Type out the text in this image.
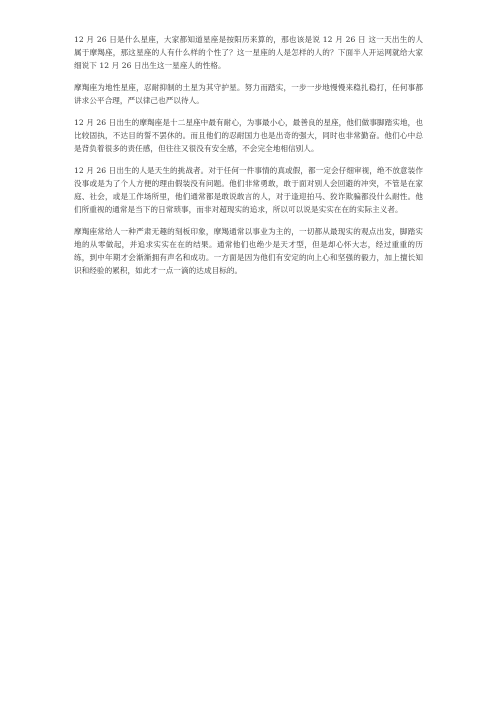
12 月 26 日是什么星座，大家都知道星座是按阳历来算的，那也该是说 12 月 26 日 这一天出生的人属于摩羯座，那这星座的人有什么样的个性了？这一星座的人是怎样的人的？下面半人开运网就给大家细说下 12 月 26 日出生这一星座人的性格。

摩羯座为地性星座，忍耐抑制的土星为其守护星。努力而踏实，一步一步地慢慢来稳扎稳打，任何事都讲求公平合理，严以律己也严以待人。

12 月 26 日出生的摩羯座是十二星座中最有耐心，为事最小心，最善良的星座，他们做事脚踏实地，也比较固执，不达目的誓不罢休的。而且他们的忍耐国力也是出奇的强大，同时也非常勤奋。他们心中总是背负着很多的责任感，但往往又很没有安全感，不会完全地相信别人。

12 月 26 日出生的人是天生的挑战者。对于任何一件事情的真或假，都一定会仔细审视，绝不放意装作没事或是为了个人方便的理由假装没有问题。他们非常勇敢，敢于面对别人会回避的冲突，不管是在家庭、社会，或是工作场所里，他们通常都是敢说敢言的人，对于逢迎拍马、狡诈欺骗都没什么耐性。他们所重视的通常是当下的日常琐事，而非对超现实的追求，所以可以说是实实在在的实际主义者。

摩羯座常给人一种严肃无趣的刻板印象，摩羯通常以事业为主的，一切都从最现实的观点出发，脚踏实地的从零做起，并追求实实在在的结果。通常他们也绝少是天才型，但是却心怀大志，经过重重的历练，到中年期才会渐渐拥有声名和成功。一方面是因为他们有安定的向上心和坚强的毅力，加上擅长知识和经验的累积，如此才一点一滴的达成目标的。
